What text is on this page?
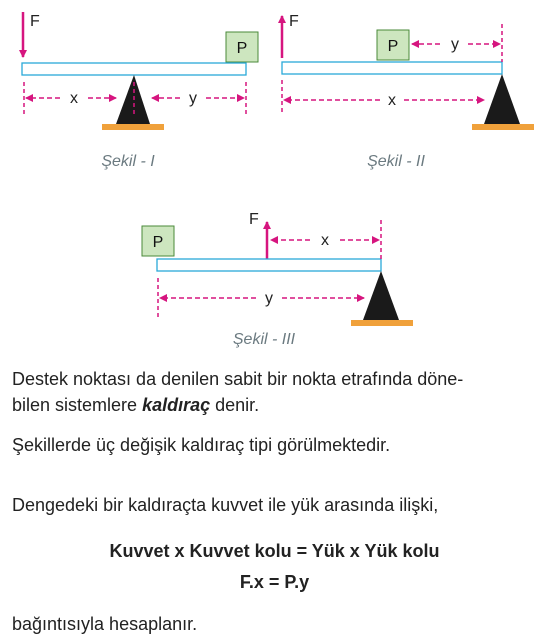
F
P
x	y
Şekil - I
F
P	y
x
Şekil - II
P
F
x
y
Şekil - III
Destek noktası da denilen sabit bir nokta etrafında döne-
bilen sistemlere kaldıraç denir.
Şekillerde üç değişik kaldıraç tipi görülmektedir.
Dengedeki bir kaldıraçta kuvvet ile yük arasında ilişki,
Kuvvet x Kuvvet kolu = Yük x Yük kolu
F.x = P.y
bağıntısıyla hesaplanır.
